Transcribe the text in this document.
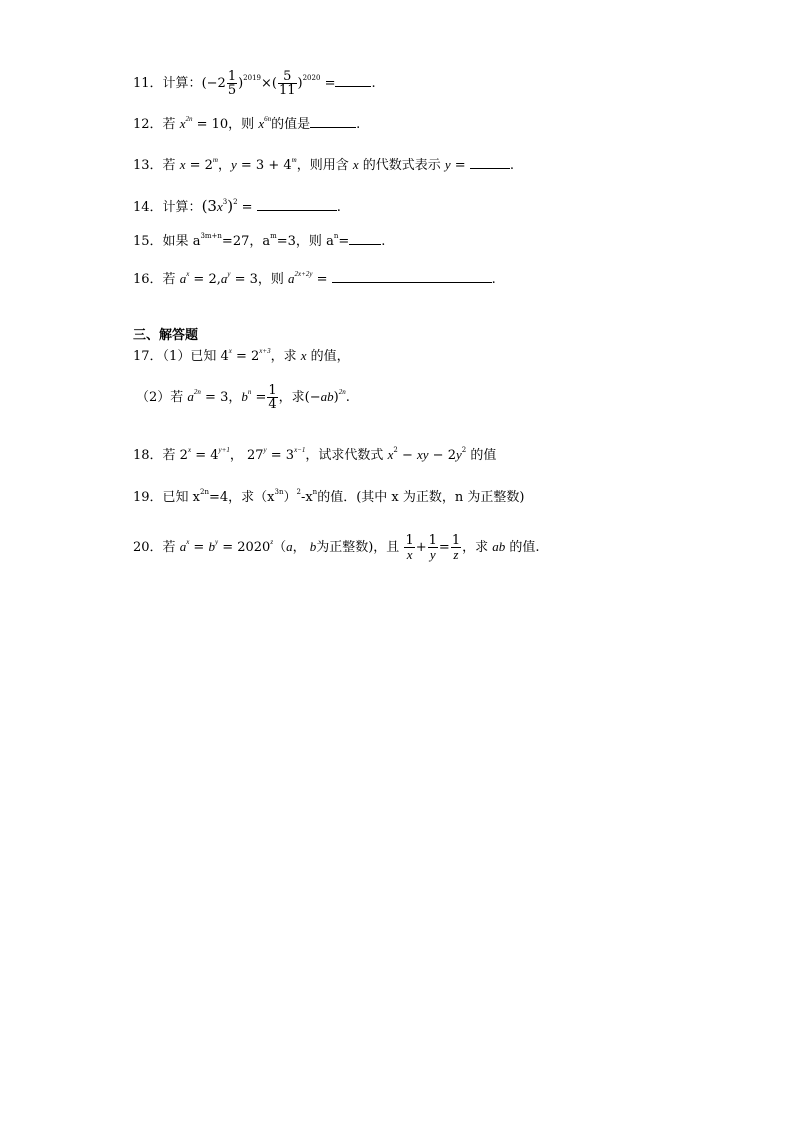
11．计算：$(-2 \frac{1}{5} )^{2019}\times( \frac{5}{11} )^{2020}$ =	.
12．若 $x^{2n} = 10$，则 $x^{6n}$的值是	.
13．若 $x = 2^m$，$y = 3 + 4^m$，则用含 x 的代数式表示 y =	.
14．计算：$(3x^3)^2$ =	.
15．如果 $a^{3m+n}=27$，$a^m=3$，则 $a^n=$ .
16．若 $a^x = 2,a^y = 3$，则 $a^{2x+2y}$ =	.
三、解答题
17．（1）已知 $4^x = 2^{x+3}$，求 x 的值，
（2）若 $a^{2n} = 3$，$b^n = \frac{1}{4}$ ，求$(-ab)^{2n}$.
18．若 $2^x = 4^{y+1}$， $27^y = 3^{x-1}$，试求代数式 $x^2$ − xy − $2y^2$ 的值
19．已知 $x^{2n}=4$，求$(x^{3n})^2-x^n$的值．(其中 x 为正数，n 为正整数)
20．若 $a^x = b^y = 2020^z(a$， b为正整数)，且 $\frac{1}{x} + \frac{1}{y} = \frac{1}{z}$ ，求 ab 的值.
